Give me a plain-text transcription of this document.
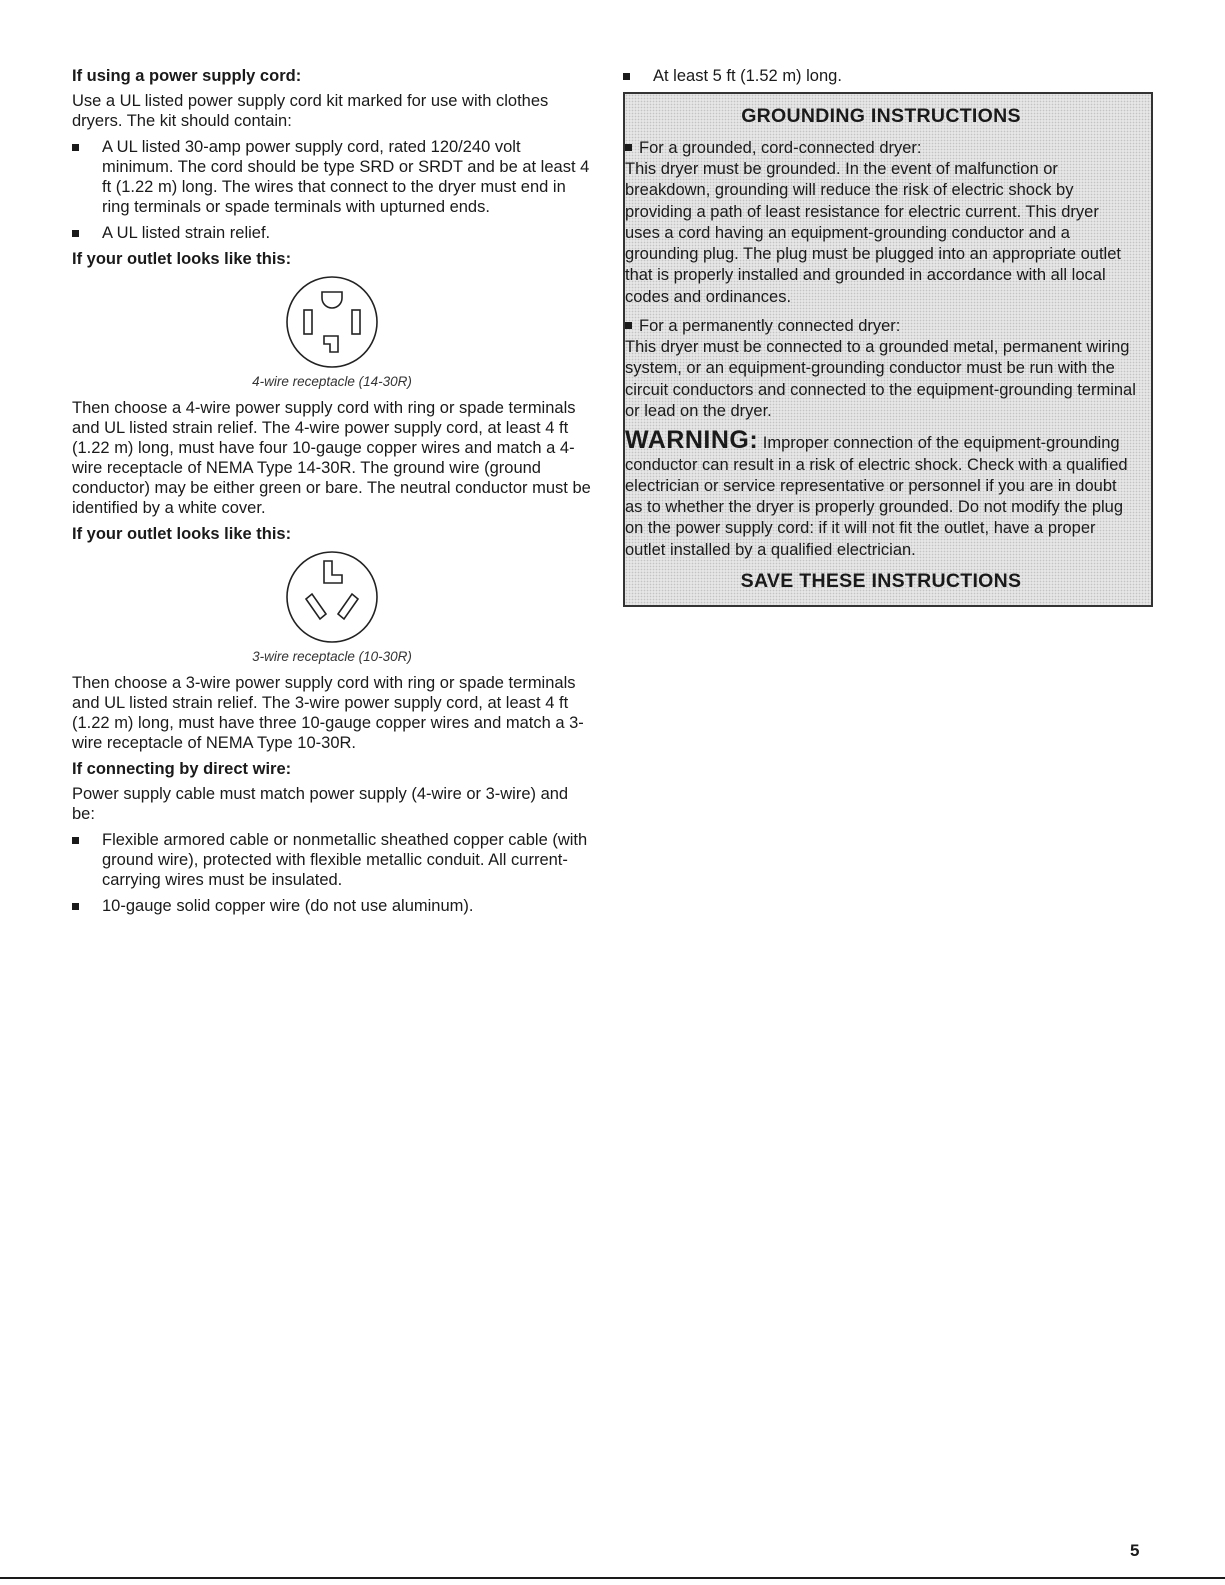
If using a power supply cord:

Use a UL listed power supply cord kit marked for use with clothes dryers. The kit should contain:

A UL listed 30-amp power supply cord, rated 120/240 volt minimum. The cord should be type SRD or SRDT and be at least 4 ft (1.22 m) long. The wires that connect to the dryer must end in ring terminals or spade terminals with upturned ends.
A UL listed strain relief.

If your outlet looks like this:

4-wire receptacle (14-30R)

Then choose a 4-wire power supply cord with ring or spade terminals and UL listed strain relief. The 4-wire power supply cord, at least 4 ft (1.22 m) long, must have four 10-gauge copper wires and match a 4-wire receptacle of NEMA Type 14-30R. The ground wire (ground conductor) may be either green or bare. The neutral conductor must be identified by a white cover.

If your outlet looks like this:

3-wire receptacle (10-30R)

Then choose a 3-wire power supply cord with ring or spade terminals and UL listed strain relief. The 3-wire power supply cord, at least 4 ft (1.22 m) long, must have three 10-gauge copper wires and match a 3-wire receptacle of NEMA Type 10-30R.

If connecting by direct wire:

Power supply cable must match power supply (4-wire or 3-wire) and be:

Flexible armored cable or nonmetallic sheathed copper cable (with ground wire), protected with flexible metallic conduit. All current-carrying wires must be insulated.
10-gauge solid copper wire (do not use aluminum).
At least 5 ft (1.52 m) long.
GROUNDING INSTRUCTIONS

For a grounded, cord-connected dryer:

This dryer must be grounded. In the event of malfunction or breakdown, grounding will reduce the risk of electric shock by providing a path of least resistance for electric current. This dryer uses a cord having an equipment-grounding conductor and a grounding plug. The plug must be plugged into an appropriate outlet that is properly installed and grounded in accordance with all local codes and ordinances.

For a permanently connected dryer:

This dryer must be connected to a grounded metal, permanent wiring system, or an equipment-grounding conductor must be run with the circuit conductors and connected to the equipment-grounding terminal or lead on the dryer.

WARNING: Improper connection of the equipment-grounding conductor can result in a risk of electric shock. Check with a qualified electrician or service representative or personnel if you are in doubt as to whether the dryer is properly grounded. Do not modify the plug on the power supply cord: if it will not fit the outlet, have a proper outlet installed by a qualified electrician.

SAVE THESE INSTRUCTIONS
5
